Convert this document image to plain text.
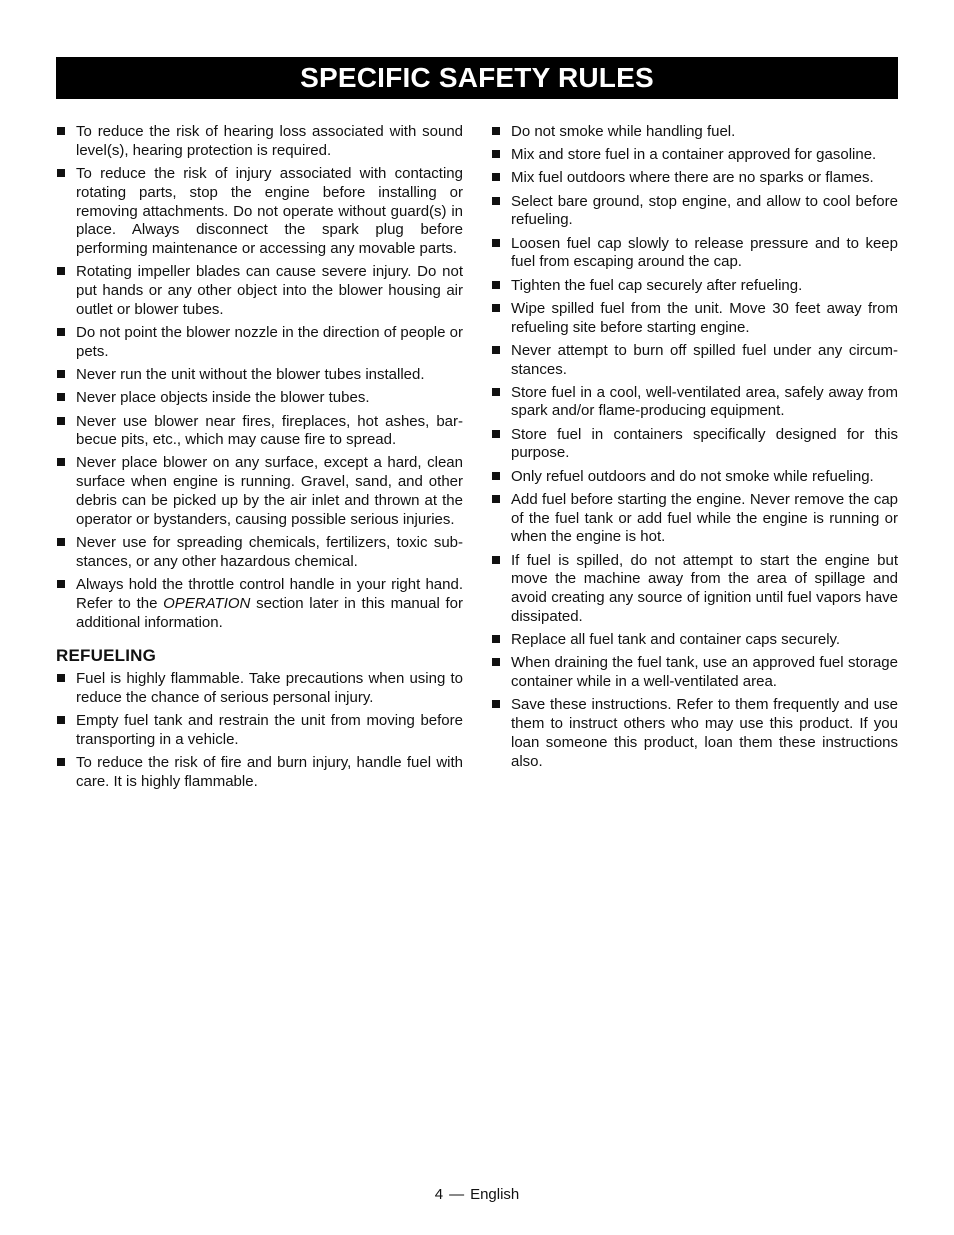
SPECIFIC SAFETY RULES
To reduce the risk of hearing loss associated with sound level(s), hearing protection is required.
To reduce the risk of injury associated with contacting rotating parts, stop the engine before installing or removing attachments. Do not operate without guard(s) in place. Always disconnect the spark plug before performing maintenance or accessing any movable parts.
Rotating impeller blades can cause severe injury. Do not put hands or any other object into the blower housing air outlet or blower tubes.
Do not point the blower nozzle in the direction of people or pets.
Never run the unit without the blower tubes installed.
Never place objects inside the blower tubes.
Never use blower near fires, fireplaces, hot ashes, bar-becue pits, etc., which may cause fire to spread.
Never place blower on any surface, except a hard, clean surface when engine is running. Gravel, sand, and other debris can be picked up by the air inlet and thrown at the operator or bystanders, causing possible serious injuries.
Never use for spreading chemicals, fertilizers, toxic sub-stances, or any other hazardous chemical.
Always hold the throttle control handle in your right hand. Refer to the OPERATION section later in this manual for additional information.
REFUELING
Fuel is highly flammable. Take precautions when using to reduce the chance of serious personal injury.
Empty fuel tank and restrain the unit from moving before transporting in a vehicle.
To reduce the risk of fire and burn injury, handle fuel with care. It is highly flammable.
Do not smoke while handling fuel.
Mix and store fuel in a container approved for gasoline.
Mix fuel outdoors where there are no sparks or flames.
Select bare ground, stop engine, and allow to cool before refueling.
Loosen fuel cap slowly to release pressure and to keep fuel from escaping around the cap.
Tighten the fuel cap securely after refueling.
Wipe spilled fuel from the unit. Move 30 feet away from refueling site before starting engine.
Never attempt to burn off spilled fuel under any circum-stances.
Store fuel in a cool, well-ventilated area, safely away from spark and/or flame-producing equipment.
Store fuel in containers specifically designed for this purpose.
Only refuel outdoors and do not smoke while refueling.
Add fuel before starting the engine. Never remove the cap of the fuel tank or add fuel while the engine is running or when the engine is hot.
If fuel is spilled, do not attempt to start the engine but move the machine away from the area of spillage and avoid creating any source of ignition until fuel vapors have dissipated.
Replace all fuel tank and container caps securely.
When draining the fuel tank, use an approved fuel storage container while in a well-ventilated area.
Save these instructions. Refer to them frequently and use them to instruct others who may use this product. If you loan someone this product, loan them these instructions also.
4 — English
